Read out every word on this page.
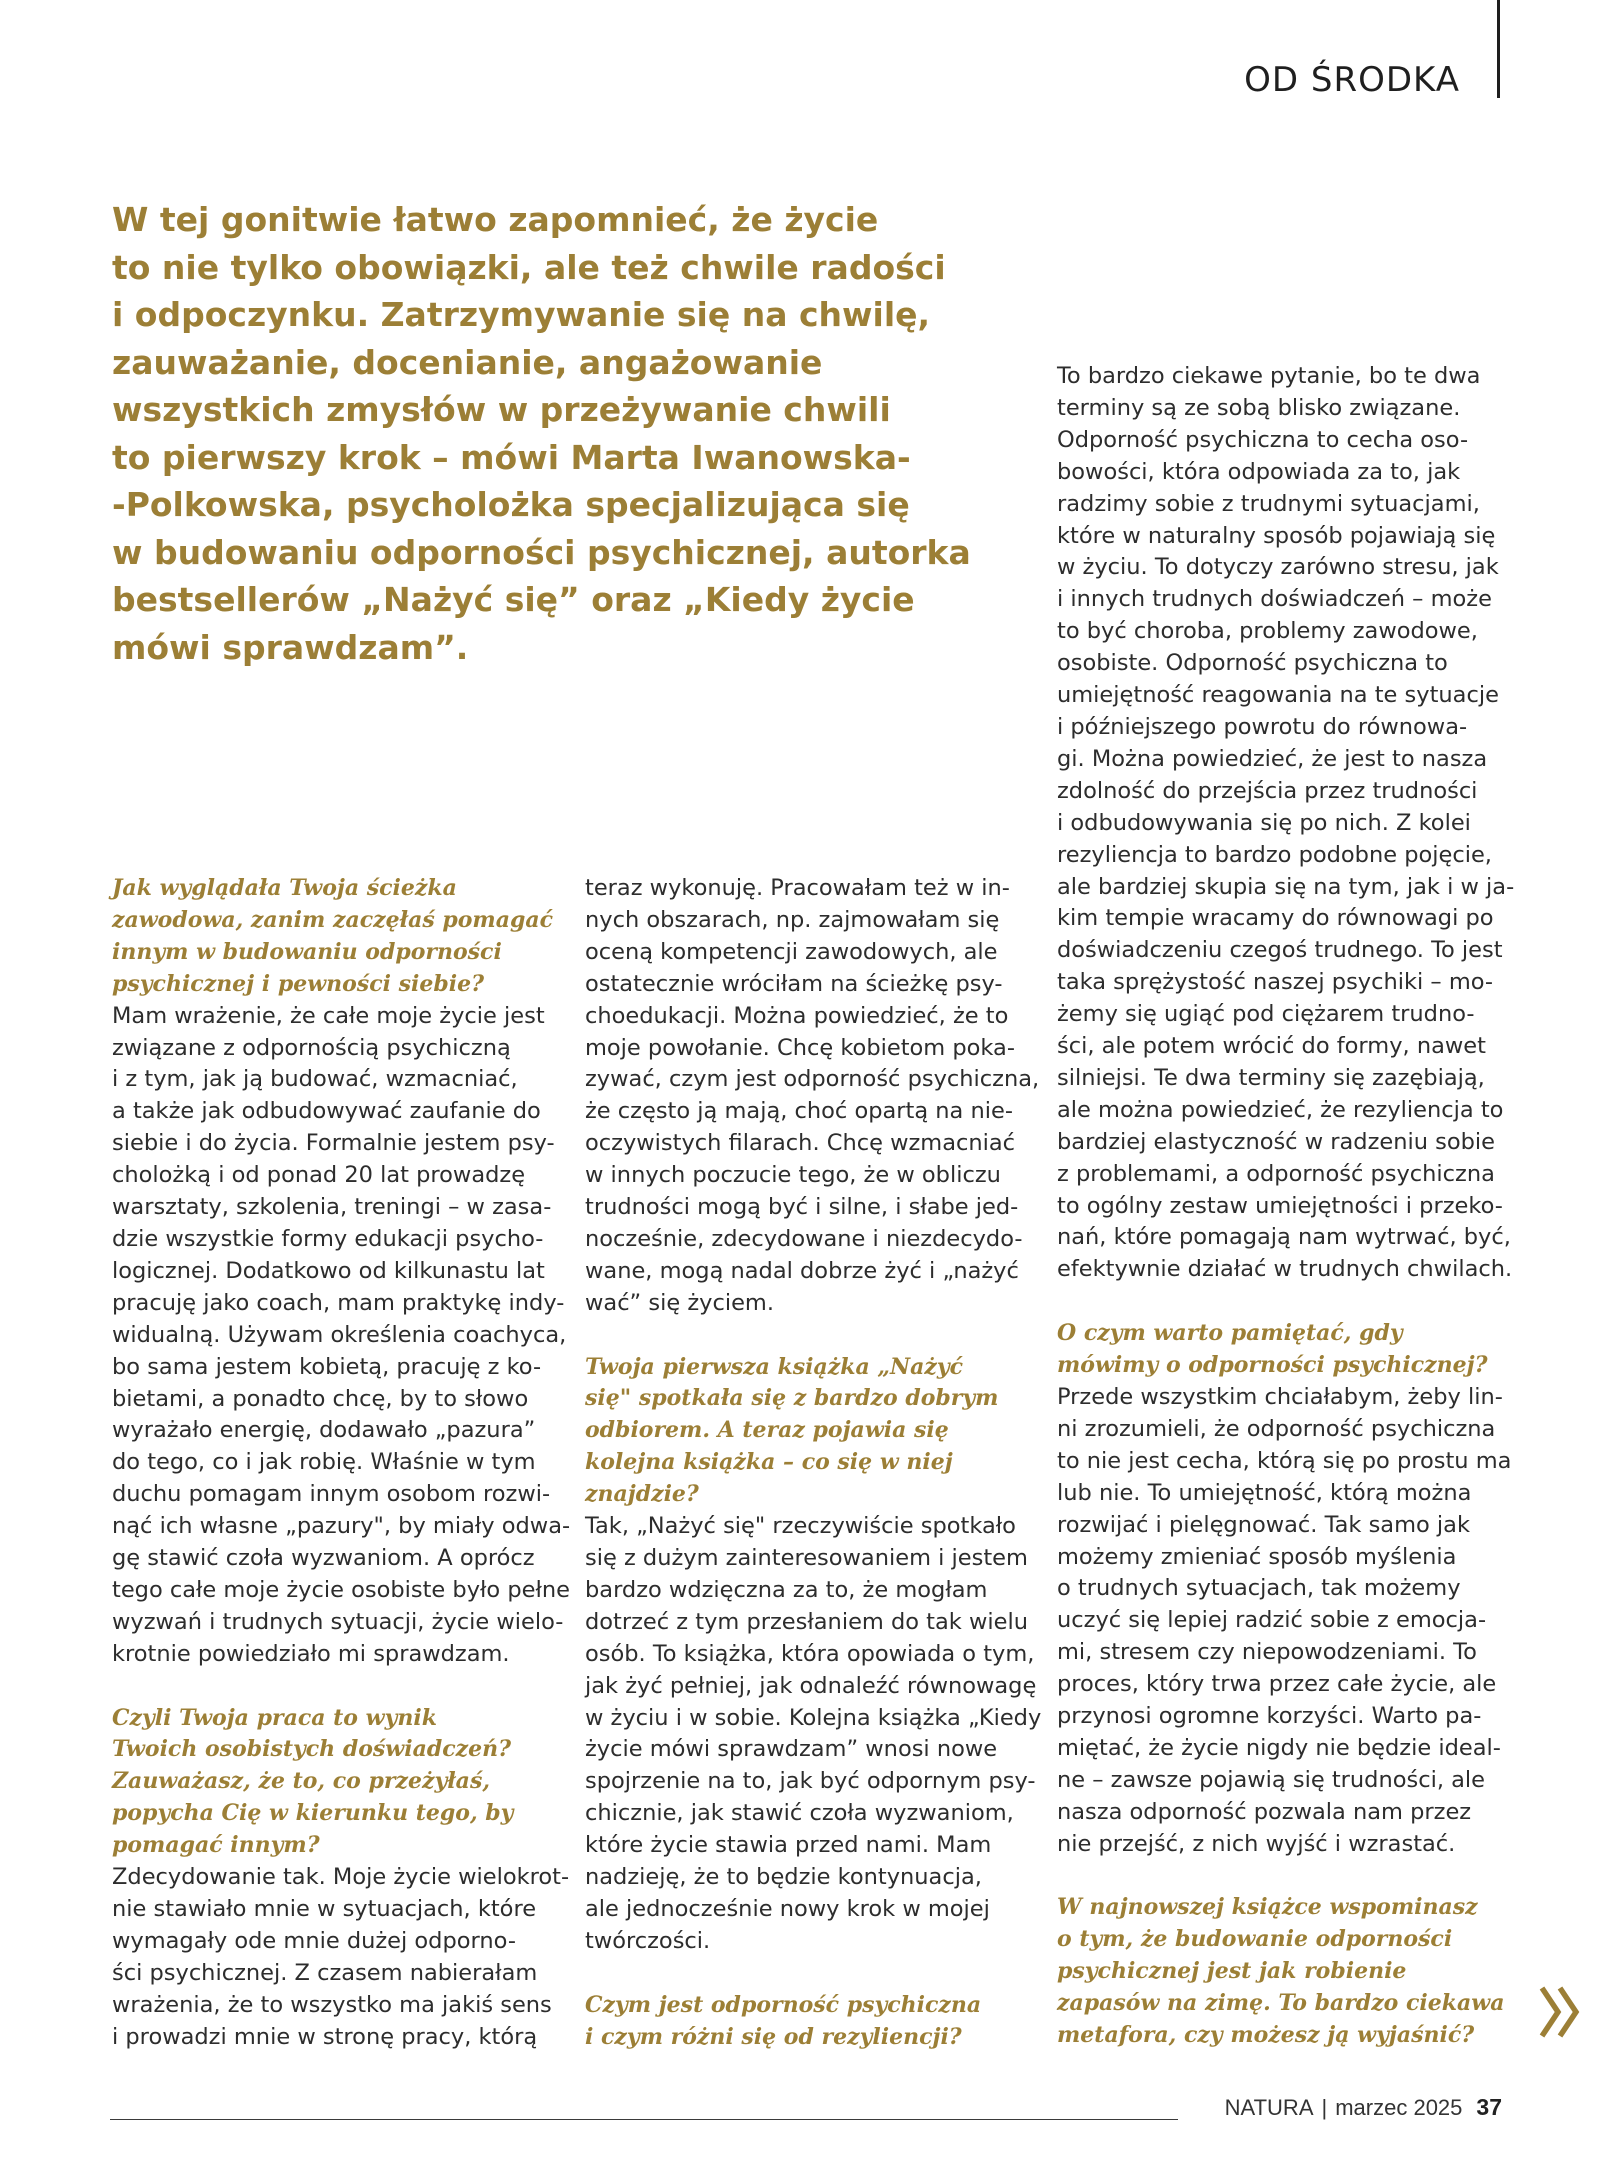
OD ŚRODKA
W tej gonitwie łatwo zapomnieć, że życie
to nie tylko obowiązki, ale też chwile radości
i odpoczynku. Zatrzymywanie się na chwilę,
zauważanie, docenianie, angażowanie
wszystkich zmysłów w przeżywanie chwili
to pierwszy krok – mówi Marta Iwanowska-
-Polkowska, psycholożka specjalizująca się
w budowaniu odporności psychicznej, autorka
bestsellerów „Nażyć się” oraz „Kiedy życie
mówi sprawdzam”.

Jak wyglądała Twoja ścieżka
zawodowa, zanim zaczęłaś pomagać
innym w budowaniu odporności
psychicznej i pewności siebie?

Mam wrażenie, że całe moje życie jest
związane z odpornością psychiczną
i z tym, jak ją budować, wzmacniać,
a także jak odbudowywać zaufanie do
siebie i do życia. Formalnie jestem psy-
cholożką i od ponad 20 lat prowadzę
warsztaty, szkolenia, treningi – w zasa-
dzie wszystkie formy edukacji psycho-
logicznej. Dodatkowo od kilkunastu lat
pracuję jako coach, mam praktykę indy-
widualną. Używam określenia coachyca,
bo sama jestem kobietą, pracuję z ko-
bietami, a ponadto chcę, by to słowo
wyrażało energię, dodawało „pazura”
do tego, co i jak robię. Właśnie w tym
duchu pomagam innym osobom rozwi-
nąć ich własne „pazury", by miały odwa-
gę stawić czoła wyzwaniom. A oprócz
tego całe moje życie osobiste było pełne
wyzwań i trudnych sytuacji, życie wielo-
krotnie powiedziało mi sprawdzam.

Czyli Twoja praca to wynik
Twoich osobistych doświadczeń?
Zauważasz, że to, co przeżyłaś,
popycha Cię w kierunku tego, by
pomagać innym?

Zdecydowanie tak. Moje życie wielokrot-
nie stawiało mnie w sytuacjach, które
wymagały ode mnie dużej odporno-
ści psychicznej. Z czasem nabierałam
wrażenia, że to wszystko ma jakiś sens
i prowadzi mnie w stronę pracy, którą

teraz wykonuję. Pracowałam też w in-
nych obszarach, np. zajmowałam się
oceną kompetencji zawodowych, ale
ostatecznie wróciłam na ścieżkę psy-
choedukacji. Można powiedzieć, że to
moje powołanie. Chcę kobietom poka-
zywać, czym jest odporność psychiczna,
że często ją mają, choć opartą na nie-
oczywistych filarach. Chcę wzmacniać
w innych poczucie tego, że w obliczu
trudności mogą być i silne, i słabe jed-
nocześnie, zdecydowane i niezdecydo-
wane, mogą nadal dobrze żyć i „nażyć
wać” się życiem.

Twoja pierwsza książka „Nażyć
się" spotkała się z bardzo dobrym
odbiorem. A teraz pojawia się
kolejna książka – co się w niej
znajdzie?

Tak, „Nażyć się" rzeczywiście spotkało
się z dużym zainteresowaniem i jestem
bardzo wdzięczna za to, że mogłam
dotrzeć z tym przesłaniem do tak wielu
osób. To książka, która opowiada o tym,
jak żyć pełniej, jak odnaleźć równowagę
w życiu i w sobie. Kolejna książka „Kiedy
życie mówi sprawdzam” wnosi nowe
spojrzenie na to, jak być odpornym psy-
chicznie, jak stawić czoła wyzwaniom,
które życie stawia przed nami. Mam
nadzieję, że to będzie kontynuacja,
ale jednocześnie nowy krok w mojej
twórczości.

Czym jest odporność psychiczna
i czym różni się od rezyliencji?

To bardzo ciekawe pytanie, bo te dwa
terminy są ze sobą blisko związane.
Odporność psychiczna to cecha oso-
bowości, która odpowiada za to, jak
radzimy sobie z trudnymi sytuacjami,
które w naturalny sposób pojawiają się
w życiu. To dotyczy zarówno stresu, jak
i innych trudnych doświadczeń – może
to być choroba, problemy zawodowe,
osobiste. Odporność psychiczna to
umiejętność reagowania na te sytuacje
i późniejszego powrotu do równowa-
gi. Można powiedzieć, że jest to nasza
zdolność do przejścia przez trudności
i odbudowywania się po nich. Z kolei
rezyliencja to bardzo podobne pojęcie,
ale bardziej skupia się na tym, jak i w ja-
kim tempie wracamy do równowagi po
doświadczeniu czegoś trudnego. To jest
taka sprężystość naszej psychiki – mo-
żemy się ugiąć pod ciężarem trudno-
ści, ale potem wrócić do formy, nawet
silniejsi. Te dwa terminy się zazębiają,
ale można powiedzieć, że rezyliencja to
bardziej elastyczność w radzeniu sobie
z problemami, a odporność psychiczna
to ogólny zestaw umiejętności i przeko-
nań, które pomagają nam wytrwać, być,
efektywnie działać w trudnych chwilach.

O czym warto pamiętać, gdy
mówimy o odporności psychicznej?

Przede wszystkim chciałabym, żeby lin-
ni zrozumieli, że odporność psychiczna
to nie jest cecha, którą się po prostu ma
lub nie. To umiejętność, którą można
rozwijać i pielęgnować. Tak samo jak
możemy zmieniać sposób myślenia
o trudnych sytuacjach, tak możemy
uczyć się lepiej radzić sobie z emocja-
mi, stresem czy niepowodzeniami. To
proces, który trwa przez całe życie, ale
przynosi ogromne korzyści. Warto pa-
miętać, że życie nigdy nie będzie ideal-
ne – zawsze pojawią się trudności, ale
nasza odporność pozwala nam przez
nie przejść, z nich wyjść i wzrastać.

W najnowszej książce wspominasz
o tym, że budowanie odporności
psychicznej jest jak robienie
zapasów na zimę. To bardzo ciekawa
metafora, czy możesz ją wyjaśnić?

NATURA | marzec 2025 37
